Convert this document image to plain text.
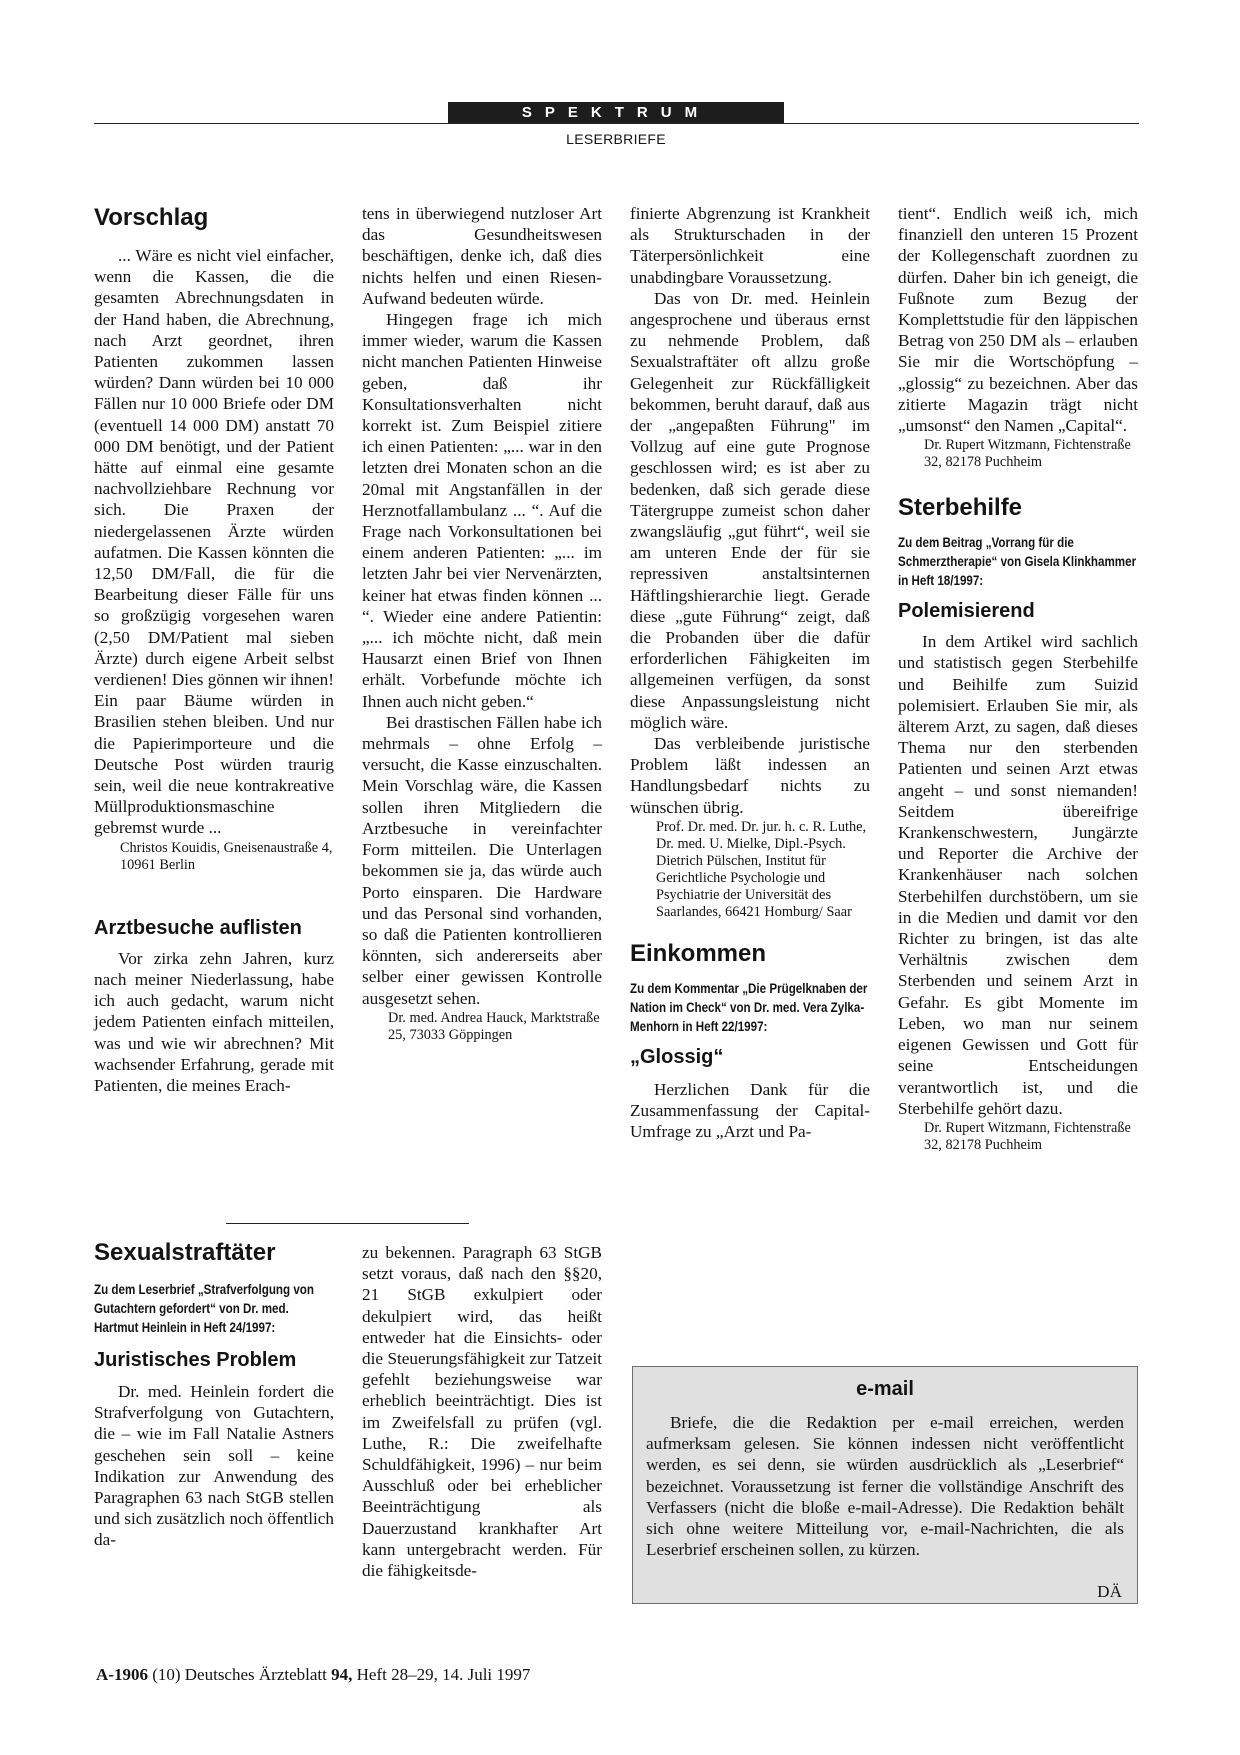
SPEKTRUM
LESERBRIEFE
Vorschlag

... Wäre es nicht viel einfacher, wenn die Kassen, die die gesamten Abrechnungsdaten in der Hand haben, die Abrechnung, nach Arzt geordnet, ihren Patienten zukommen lassen würden? Dann würden bei 10 000 Fällen nur 10 000 Briefe oder DM (eventuell 14 000 DM) anstatt 70 000 DM benötigt, und der Patient hätte auf einmal eine gesamte nachvollziehbare Rechnung vor sich. Die Praxen der niedergelassenen Ärzte würden aufatmen. Die Kassen könnten die 12,50 DM/Fall, die für die Bearbeitung dieser Fälle für uns so großzügig vorgesehen waren (2,50 DM/Patient mal sieben Ärzte) durch eigene Arbeit selbst verdienen! Dies gönnen wir ihnen! Ein paar Bäume würden in Brasilien stehen bleiben. Und nur die Papierimporteure und die Deutsche Post würden traurig sein, weil die neue kontrakreative Müllproduktionsmaschine gebremst wurde ...

Christos Kouidis, Gneisenaustraße 4, 10961 Berlin

Arztbesuche auflisten

Vor zirka zehn Jahren, kurz nach meiner Niederlassung, habe ich auch gedacht, warum nicht jedem Patienten einfach mitteilen, was und wie wir abrechnen? Mit wachsender Erfahrung, gerade mit Patienten, die meines Erach-

tens in überwiegend nutzloser Art das Gesundheitswesen beschäftigen, denke ich, daß dies nichts helfen und einen Riesen-Aufwand bedeuten würde.

Hingegen frage ich mich immer wieder, warum die Kassen nicht manchen Patienten Hinweise geben, daß ihr Konsultationsverhalten nicht korrekt ist. Zum Beispiel zitiere ich einen Patienten: „... war in den letzten drei Monaten schon an die 20mal mit Angstanfällen in der Herznotfallambulanz ... “. Auf die Frage nach Vorkonsultationen bei einem anderen Patienten: „... im letzten Jahr bei vier Nervenärzten, keiner hat etwas finden können ... “. Wieder eine andere Patientin: „... ich möchte nicht, daß mein Hausarzt einen Brief von Ihnen erhält. Vorbefunde möchte ich Ihnen auch nicht geben.“

Bei drastischen Fällen habe ich mehrmals – ohne Erfolg – versucht, die Kasse einzuschalten. Mein Vorschlag wäre, die Kassen sollen ihren Mitgliedern die Arztbesuche in vereinfachter Form mitteilen. Die Unterlagen bekommen sie ja, das würde auch Porto einsparen. Die Hardware und das Personal sind vorhanden, so daß die Patienten kontrollieren könnten, sich andererseits aber selber einer gewissen Kontrolle ausgesetzt sehen.

Dr. med. Andrea Hauck, Marktstraße 25, 73033 Göppingen

finierte Abgrenzung ist Krankheit als Strukturschaden in der Täterpersönlichkeit eine unabdingbare Voraussetzung.

Das von Dr. med. Heinlein angesprochene und überaus ernst zu nehmende Problem, daß Sexualstraftäter oft allzu große Gelegenheit zur Rückfälligkeit bekommen, beruht darauf, daß aus der „angepaßten Führung" im Vollzug auf eine gute Prognose geschlossen wird; es ist aber zu bedenken, daß sich gerade diese Tätergruppe zumeist schon daher zwangsläufig „gut führt“, weil sie am unteren Ende der für sie repressiven anstaltsinternen Häftlingshierarchie liegt. Gerade diese „gute Führung“ zeigt, daß die Probanden über die dafür erforderlichen Fähigkeiten im allgemeinen verfügen, da sonst diese Anpassungsleistung nicht möglich wäre.

Das verbleibende juristische Problem läßt indessen an Handlungsbedarf nichts zu wünschen übrig.

Prof. Dr. med. Dr. jur. h. c. R. Luthe, Dr. med. U. Mielke, Dipl.-Psych. Dietrich Pülschen, Institut für Gerichtliche Psychologie und Psychiatrie der Universität des Saarlandes, 66421 Homburg/ Saar

Einkommen
Zu dem Kommentar „Die Prügelknaben der Nation im Check“ von Dr. med. Vera Zylka-Menhorn in Heft 22/1997:
„Glossig“

Herzlichen Dank für die Zusammenfassung der Capital-Umfrage zu „Arzt und Pa-

tient“. Endlich weiß ich, mich finanziell den unteren 15 Prozent der Kollegenschaft zuordnen zu dürfen. Daher bin ich geneigt, die Fußnote zum Bezug der Komplettstudie für den läppischen Betrag von 250 DM als – erlauben Sie mir die Wortschöpfung – „glossig“ zu bezeichnen. Aber das zitierte Magazin trägt nicht „umsonst“ den Namen „Capital“.

Dr. Rupert Witzmann, Fichtenstraße 32, 82178 Puchheim

Sterbehilfe
Zu dem Beitrag „Vorrang für die Schmerztherapie“ von Gisela Klinkhammer in Heft 18/1997:
Polemisierend

In dem Artikel wird sachlich und statistisch gegen Sterbehilfe und Beihilfe zum Suizid polemisiert. Erlauben Sie mir, als älterem Arzt, zu sagen, daß dieses Thema nur den sterbenden Patienten und seinen Arzt etwas angeht – und sonst niemanden! Seitdem übereifrige Krankenschwestern, Jungärzte und Reporter die Archive der Krankenhäuser nach solchen Sterbehilfen durchstöbern, um sie in die Medien und damit vor den Richter zu bringen, ist das alte Verhältnis zwischen dem Sterbenden und seinem Arzt in Gefahr. Es gibt Momente im Leben, wo man nur seinem eigenen Gewissen und Gott für seine Entscheidungen verantwortlich ist, und die Sterbehilfe gehört dazu.

Dr. Rupert Witzmann, Fichtenstraße 32, 82178 Puchheim

Sexualstraftäter
Zu dem Leserbrief „Strafverfolgung von Gutachtern gefordert“ von Dr. med. Hartmut Heinlein in Heft 24/1997:
Juristisches Problem

Dr. med. Heinlein fordert die Strafverfolgung von Gutachtern, die – wie im Fall Natalie Astners geschehen sein soll – keine Indikation zur Anwendung des Paragraphen 63 nach StGB stellen und sich zusätzlich noch öffentlich da-

zu bekennen. Paragraph 63 StGB setzt voraus, daß nach den §§20, 21 StGB exkulpiert oder dekulpiert wird, das heißt entweder hat die Einsichts- oder die Steuerungsfähigkeit zur Tatzeit gefehlt beziehungsweise war erheblich beeinträchtigt. Dies ist im Zweifelsfall zu prüfen (vgl. Luthe, R.: Die zweifelhafte Schuldfähigkeit, 1996) – nur beim Ausschluß oder bei erheblicher Beeinträchtigung als Dauerzustand krankhafter Art kann untergebracht werden. Für die fähigkeitsde-

e-mail
Briefe, die die Redaktion per e-mail erreichen, werden aufmerksam gelesen. Sie können indessen nicht veröffentlicht werden, es sei denn, sie würden ausdrücklich als „Leserbrief“ bezeichnet. Voraussetzung ist ferner die vollständige Anschrift des Verfassers (nicht die bloße e-mail-Adresse). Die Redaktion behält sich ohne weitere Mitteilung vor, e-mail-Nachrichten, die als Leserbrief erscheinen sollen, zu kürzen.
DÄ
A-1906 (10) Deutsches Ärzteblatt 94, Heft 28–29, 14. Juli 1997
